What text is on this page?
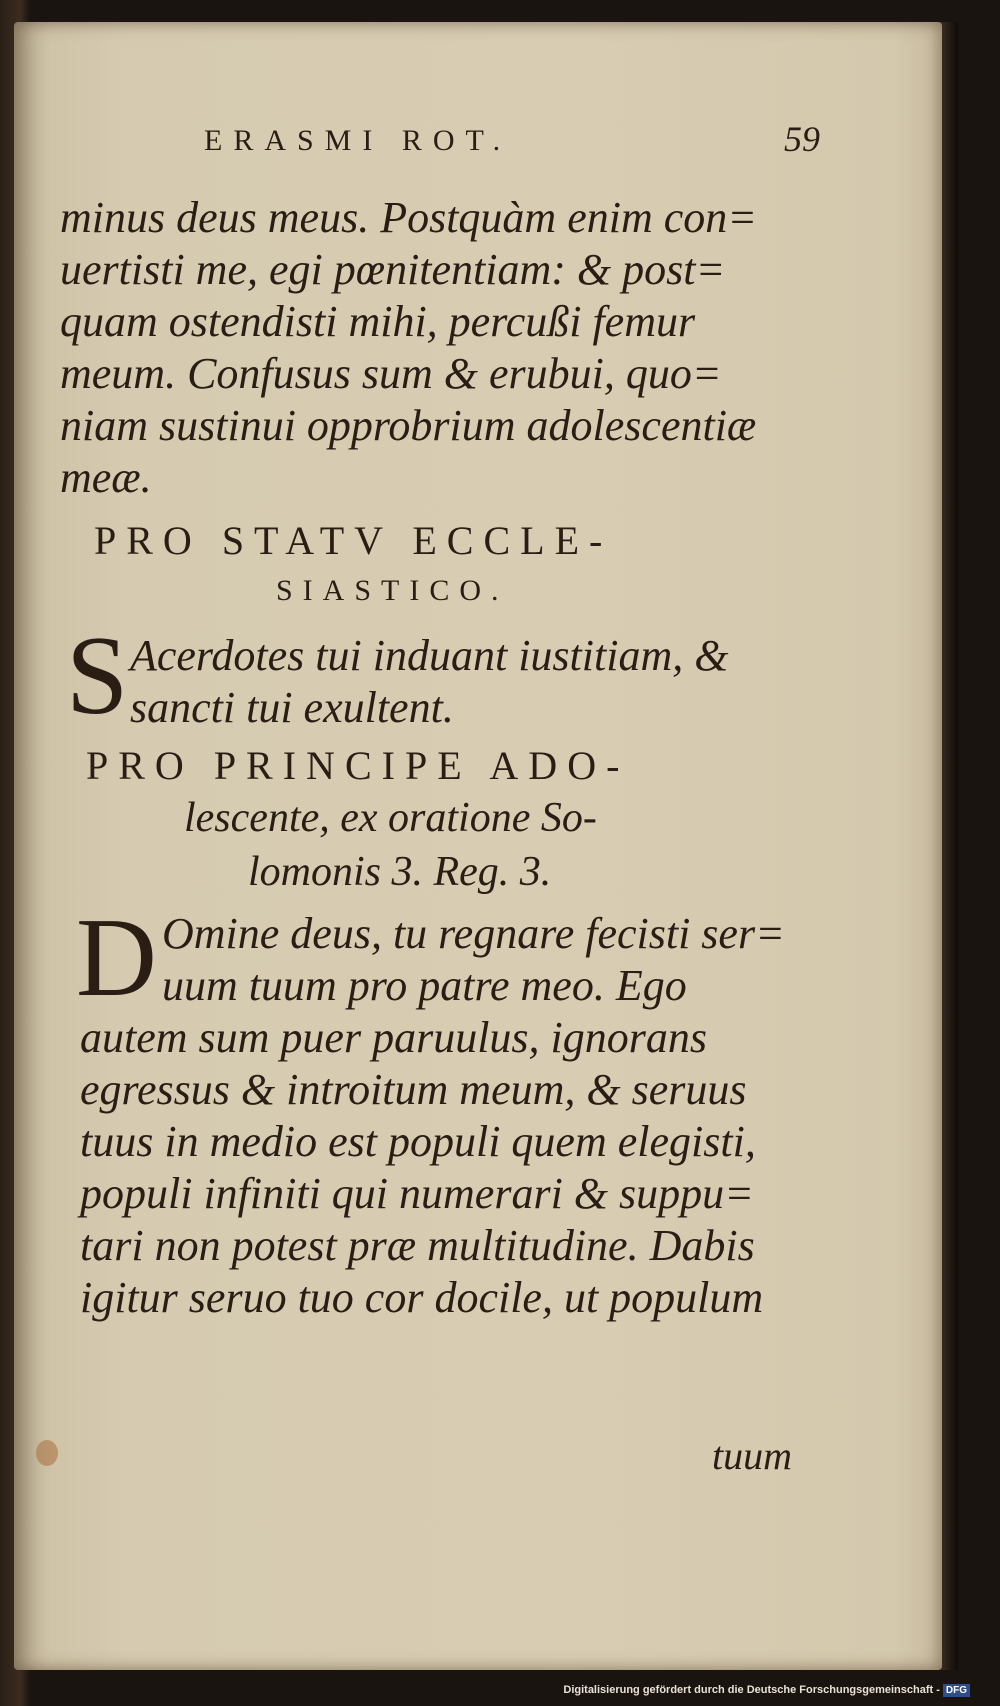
ERASMI ROT.	59
minus deus meus. Postquàm enim con=
uertisti me, egi pœnitentiam: & post=
quam ostendisti mihi, percußi femur
meum. Confusus sum & erubui, quo=
niam sustinui opprobrium adolescentiæ
meæ.
PRO STATV ECCLE-
SIASTICO.
S Acerdotes tui induant iustitiam, &
sancti tui exultent.
PRO PRINCIPE ADO-
lescente, ex oratione So-
lomonis 3. Reg. 3.
D Omine deus, tu regnare fecisti ser=
uum tuum pro patre meo. Ego
autem sum puer paruulus, ignorans
egressus & introitum meum, & seruus
tuus in medio est populi quem elegisti,
populi infiniti qui numerari & suppu=
tari non potest præ multitudine. Dabis
igitur seruo tuo cor docile, ut populum
tuum
Digitalisierung gefördert durch die Deutsche Forschungsgemeinschaft - DFG
